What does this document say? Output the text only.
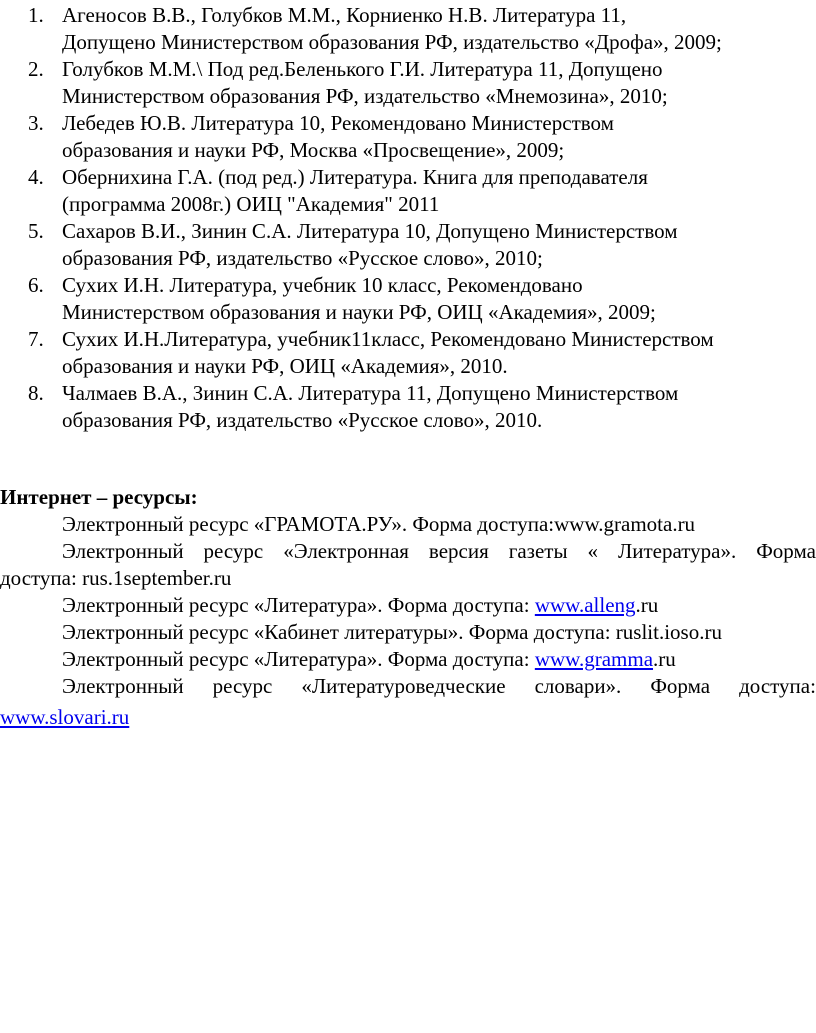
1. Агеносов В.В., Голубков М.М., Корниенко Н.В. Литература 11,
Допущено Министерством образования РФ, издательство «Дрофа», 2009;
2. Голубков М.М.\ Под ред.Беленького Г.И. Литература 11, Допущено
Министерством образования РФ, издательство «Мнемозина», 2010;
3. Лебедев Ю.В. Литература 10, Рекомендовано Министерством
образования и науки РФ, Москва «Просвещение», 2009;
4. Обернихина Г.А. (под ред.) Литература. Книга для преподавателя
(программа 2008г.) ОИЦ "Академия" 2011
5. Сахаров В.И., Зинин С.А. Литература 10, Допущено Министерством
образования РФ, издательство «Русское слово», 2010;
6. Сухих И.Н. Литература, учебник 10 класс, Рекомендовано
Министерством образования и науки РФ, ОИЦ «Академия», 2009;
7. Сухих И.Н.Литература, учебник11класс, Рекомендовано Министерством
образования и науки РФ, ОИЦ «Академия», 2010.
8. Чалмаев В.А., Зинин С.А. Литература 11, Допущено Министерством
образования РФ, издательство «Русское слово», 2010.
Интернет – ресурсы:
Электронный ресурс «ГРАМОТА.РУ». Форма доступа:www.gramota.ru
Электронный ресурс «Электронная версия газеты « Литература». Форма
доступа: rus.1september.ru
Электронный ресурс «Литература». Форма доступа: www.alleng.ru
Электронный ресурс «Кабинет литературы». Форма доступа: ruslit.ioso.ru
Электронный ресурс «Литература». Форма доступа: www.gramma.ru
Электронный ресурс «Литературоведческие словари». Форма доступа:
www.slovari.ru
